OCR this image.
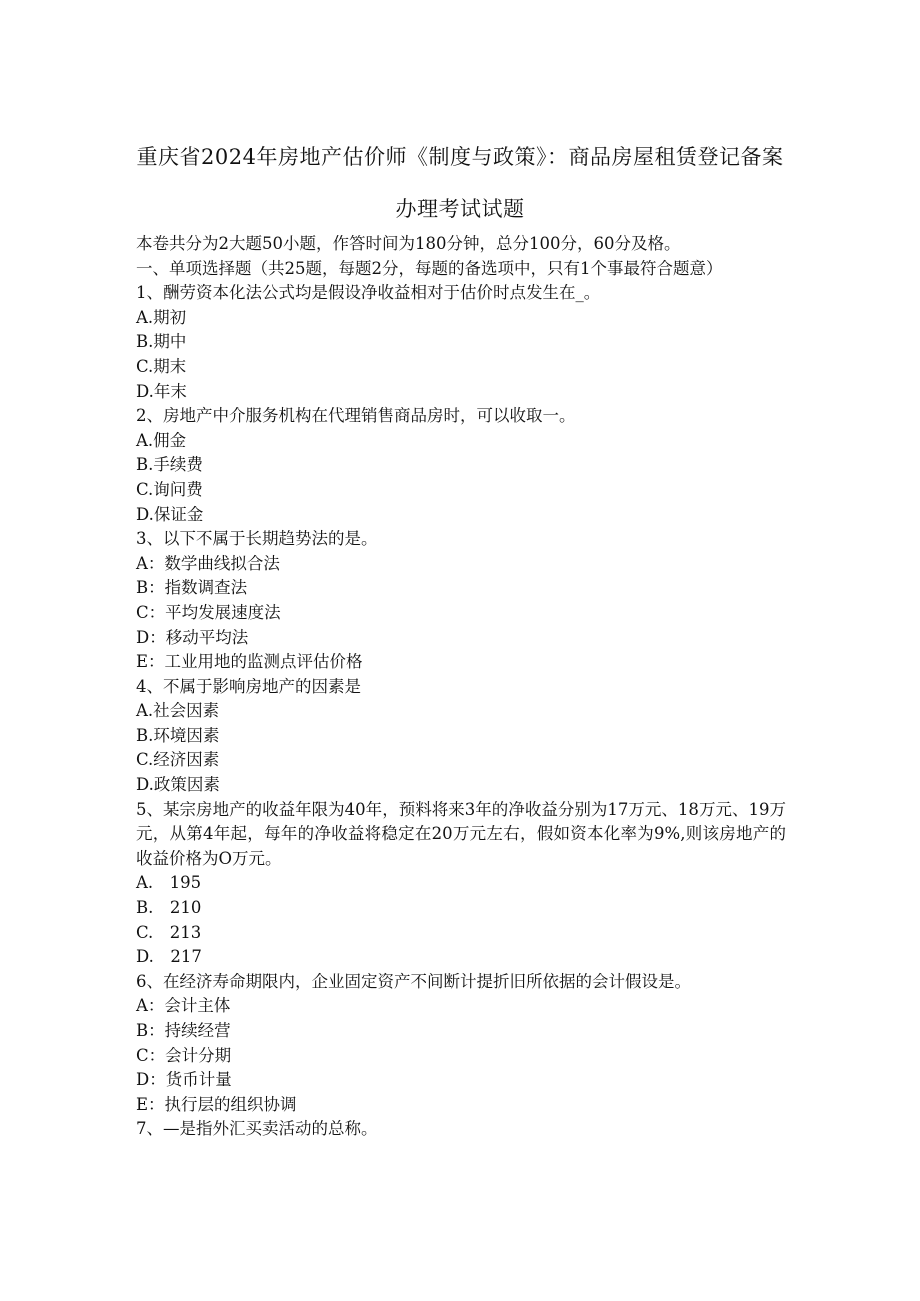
重庆省2024年房地产估价师《制度与政策》：商品房屋租赁登记备案
办理考试试题
本卷共分为2大题50小题，作答时间为180分钟，总分100分，60分及格。
一、单项选择题（共25题，每题2分，每题的备选项中，只有1个事最符合题意）
1、酬劳资本化法公式均是假设净收益相对于估价时点发生在_。
A.期初
B.期中
C.期末
D.年末
2、房地产中介服务机构在代理销售商品房时，可以收取一。
A.佣金
B.手续费
C.询问费
D.保证金
3、以下不属于长期趋势法的是。
A：数学曲线拟合法
B：指数调查法
C：平均发展速度法
D：移动平均法
E：工业用地的监测点评估价格
4、不属于影响房地产的因素是
A.社会因素
B.环境因素
C.经济因素
D.政策因素
5、某宗房地产的收益年限为40年，预料将来3年的净收益分别为17万元、18万元、19万元，从第4年起，每年的净收益将稳定在20万元左右，假如资本化率为9%,则该房地产的收益价格为O万元。
A.　195
B.　210
C.　213
D.　217
6、在经济寿命期限内，企业固定资产不间断计提折旧所依据的会计假设是。
A：会计主体
B：持续经营
C：会计分期
D：货币计量
E：执行层的组织协调
7、—是指外汇买卖活动的总称。
